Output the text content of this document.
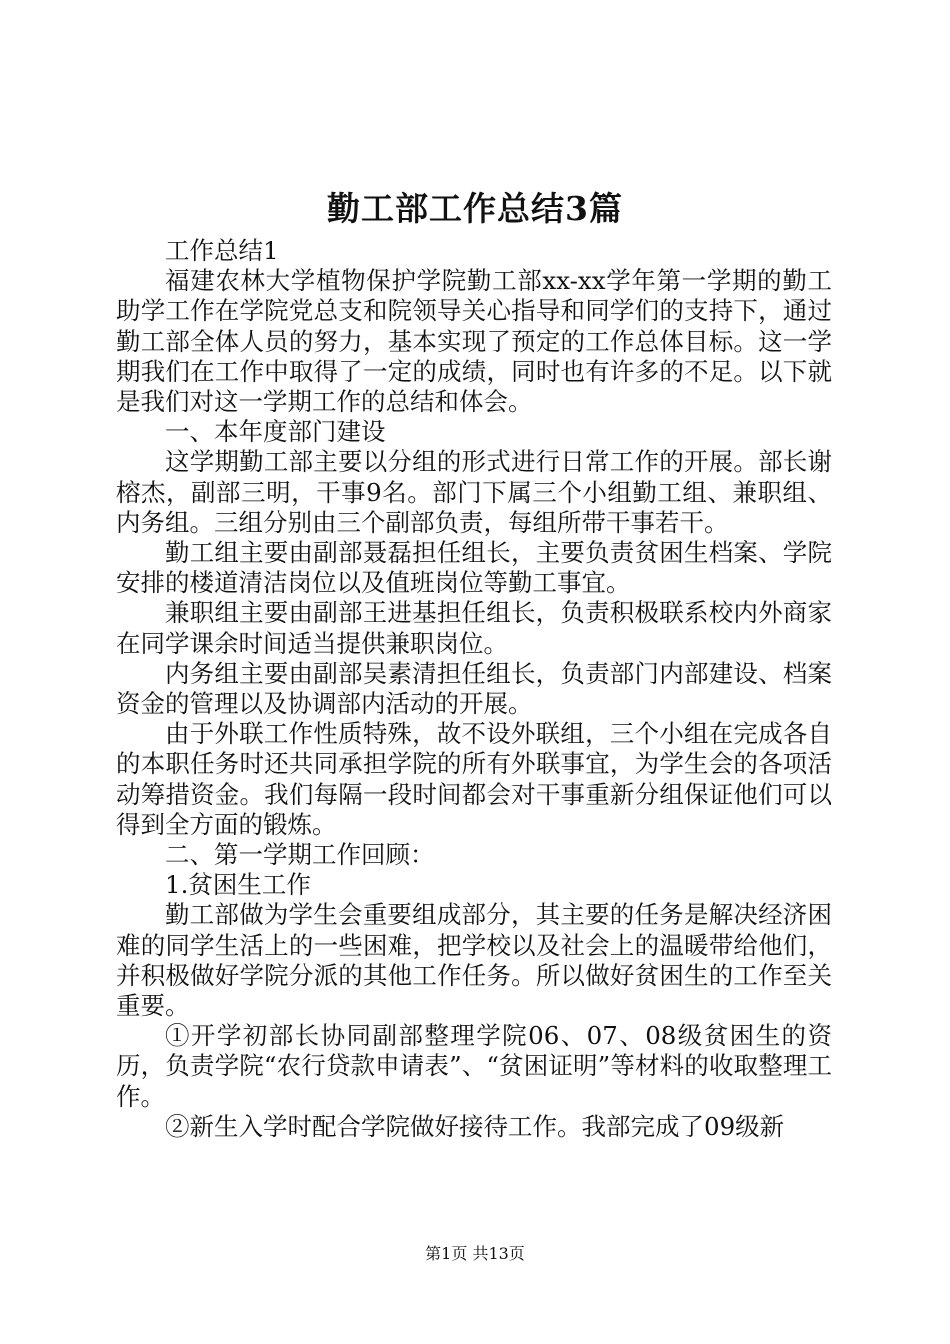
勤工部工作总结3篇

工作总结1

福建农林大学植物保护学院勤工部xx-xx学年第一学期的勤工助学工作在学院党总支和院领导关心指导和同学们的支持下，通过勤工部全体人员的努力，基本实现了预定的工作总体目标。这一学期我们在工作中取得了一定的成绩，同时也有许多的不足。以下就是我们对这一学期工作的总结和体会。

一、本年度部门建设

这学期勤工部主要以分组的形式进行日常工作的开展。部长谢榕杰，副部三明，干事9名。部门下属三个小组勤工组、兼职组、内务组。三组分别由三个副部负责，每组所带干事若干。

勤工组主要由副部聂磊担任组长，主要负责贫困生档案、学院安排的楼道清洁岗位以及值班岗位等勤工事宜。

兼职组主要由副部王进基担任组长，负责积极联系校内外商家在同学课余时间适当提供兼职岗位。

内务组主要由副部吴素清担任组长，负责部门内部建设、档案资金的管理以及协调部内活动的开展。

由于外联工作性质特殊，故不设外联组，三个小组在完成各自的本职任务时还共同承担学院的所有外联事宜，为学生会的各项活动筹措资金。我们每隔一段时间都会对干事重新分组保证他们可以得到全方面的锻炼。

二、第一学期工作回顾：

1.贫困生工作

勤工部做为学生会重要组成部分，其主要的任务是解决经济困难的同学生活上的一些困难，把学校以及社会上的温暖带给他们，并积极做好学院分派的其他工作任务。所以做好贫困生的工作至关重要。

①开学初部长协同副部整理学院06、07、08级贫困生的资历，负责学院“农行贷款申请表”、“贫困证明”等材料的收取整理工作。

②新生入学时配合学院做好接待工作。我部完成了09级新

第1页 共13页
